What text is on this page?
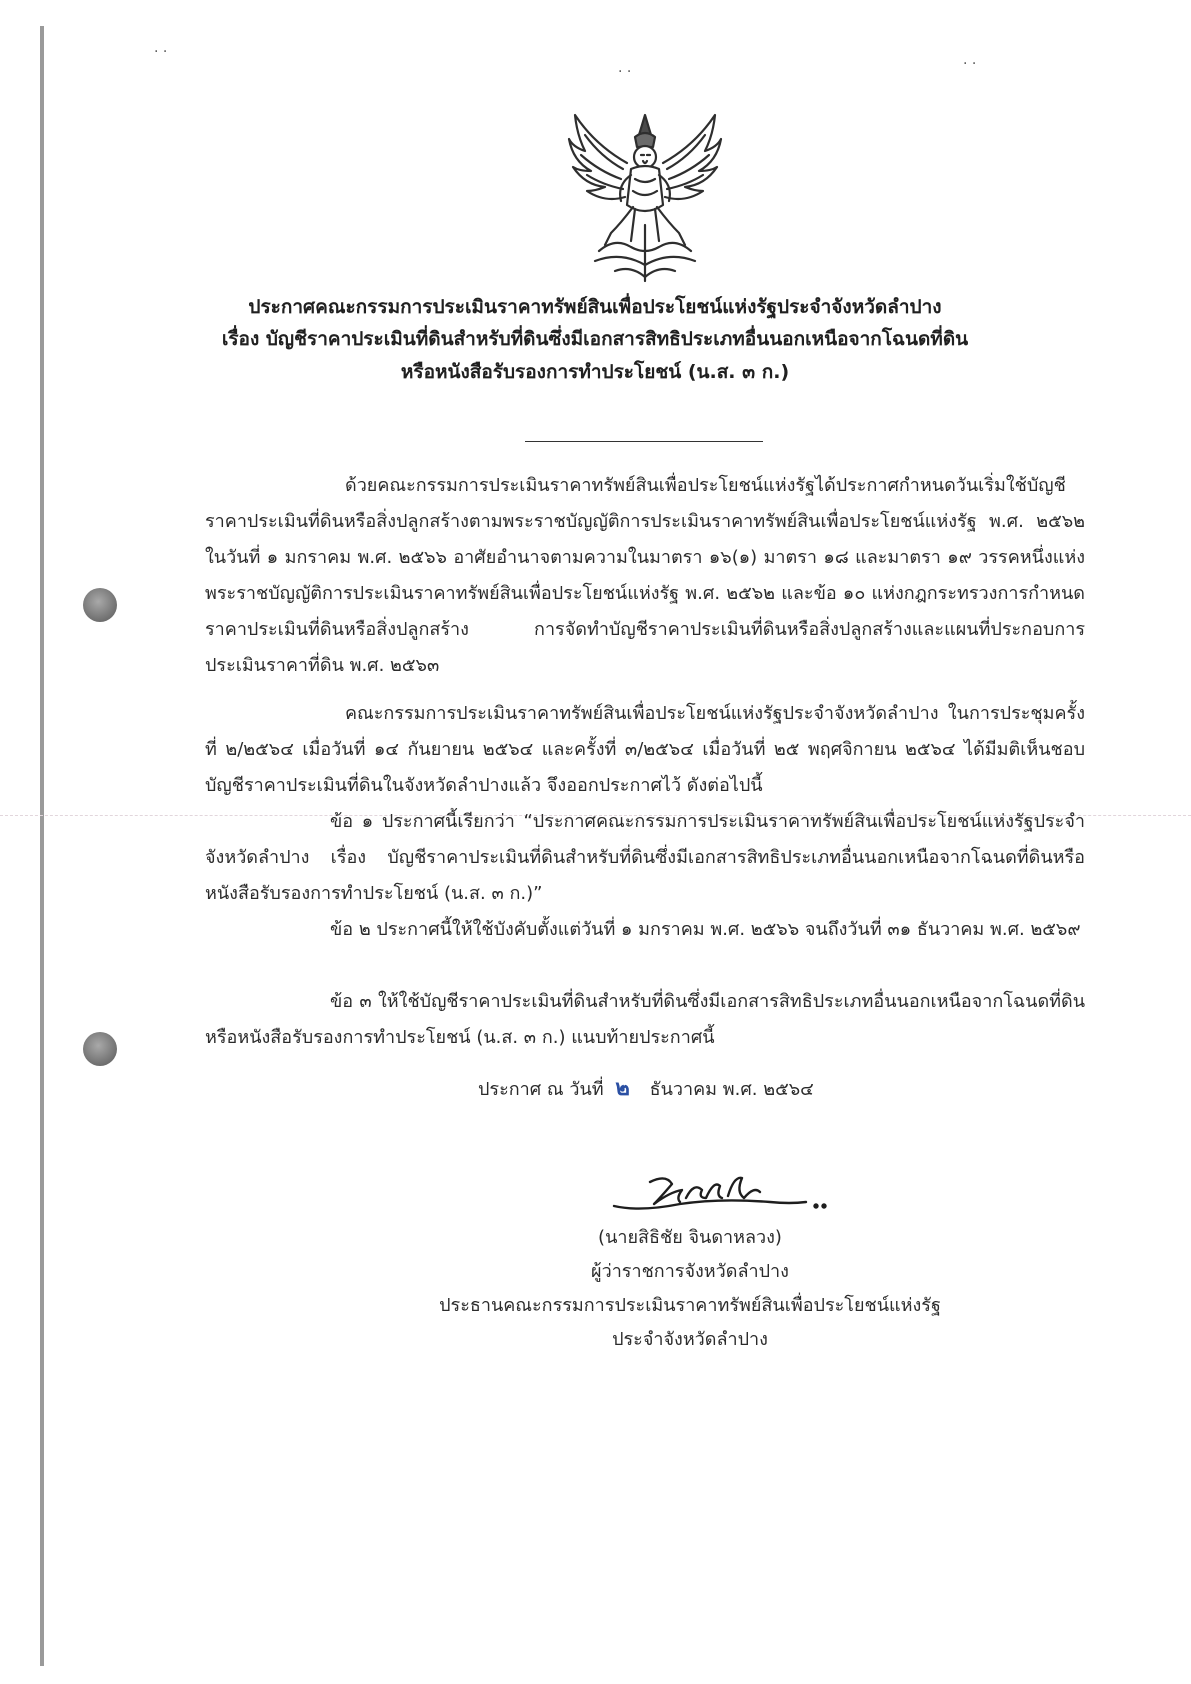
· ·
· ·	· ·
ประกาศคณะกรรมการประเมินราคาทรัพย์สินเพื่อประโยชน์แห่งรัฐประจำจังหวัดลำปาง
เรื่อง บัญชีราคาประเมินที่ดินสำหรับที่ดินซึ่งมีเอกสารสิทธิประเภทอื่นนอกเหนือจากโฉนดที่ดิน
หรือหนังสือรับรองการทำประโยชน์ (น.ส. ๓ ก.)

ด้วยคณะกรรมการประเมินราคาทรัพย์สินเพื่อประโยชน์แห่งรัฐได้ประกาศกำหนดวันเริ่มใช้บัญชีราคาประเมินที่ดินหรือสิ่งปลูกสร้างตามพระราชบัญญัติการประเมินราคาทรัพย์สินเพื่อประโยชน์แห่งรัฐ พ.ศ. ๒๕๖๒ ในวันที่ ๑ มกราคม พ.ศ. ๒๕๖๖ อาศัยอำนาจตามความในมาตรา ๑๖(๑) มาตรา ๑๘ และมาตรา ๑๙ วรรคหนึ่งแห่งพระราชบัญญัติการประเมินราคาทรัพย์สินเพื่อประโยชน์แห่งรัฐ พ.ศ. ๒๕๖๒ และข้อ ๑๐ แห่งกฎกระทรวงการกำหนดราคาประเมินที่ดินหรือสิ่งปลูกสร้าง การจัดทำบัญชีราคาประเมินที่ดินหรือสิ่งปลูกสร้างและแผนที่ประกอบการประเมินราคาที่ดิน พ.ศ. ๒๕๖๓

คณะกรรมการประเมินราคาทรัพย์สินเพื่อประโยชน์แห่งรัฐประจำจังหวัดลำปาง ในการประชุมครั้งที่ ๒/๒๕๖๔ เมื่อวันที่ ๑๔ กันยายน ๒๕๖๔ และครั้งที่ ๓/๒๕๖๔ เมื่อวันที่ ๒๕ พฤศจิกายน ๒๕๖๔ ได้มีมติเห็นชอบบัญชีราคาประเมินที่ดินในจังหวัดลำปางแล้ว จึงออกประกาศไว้ ดังต่อไปนี้

ข้อ ๑ ประกาศนี้เรียกว่า “ประกาศคณะกรรมการประเมินราคาทรัพย์สินเพื่อประโยชน์แห่งรัฐประจำจังหวัดลำปาง เรื่อง บัญชีราคาประเมินที่ดินสำหรับที่ดินซึ่งมีเอกสารสิทธิประเภทอื่นนอกเหนือจากโฉนดที่ดินหรือหนังสือรับรองการทำประโยชน์ (น.ส. ๓ ก.)”

ข้อ ๒ ประกาศนี้ให้ใช้บังคับตั้งแต่วันที่ ๑ มกราคม พ.ศ. ๒๕๖๖ จนถึงวันที่ ๓๑ ธันวาคม พ.ศ. ๒๕๖๙

ข้อ ๓ ให้ใช้บัญชีราคาประเมินที่ดินสำหรับที่ดินซึ่งมีเอกสารสิทธิประเภทอื่นนอกเหนือจากโฉนดที่ดินหรือหนังสือรับรองการทำประโยชน์ (น.ส. ๓ ก.) แนบท้ายประกาศนี้

ประกาศ ณ วันที่ ๒ ธันวาคม พ.ศ. ๒๕๖๔
(นายสิธิชัย จินดาหลวง)
ผู้ว่าราชการจังหวัดลำปาง
ประธานคณะกรรมการประเมินราคาทรัพย์สินเพื่อประโยชน์แห่งรัฐ
ประจำจังหวัดลำปาง
